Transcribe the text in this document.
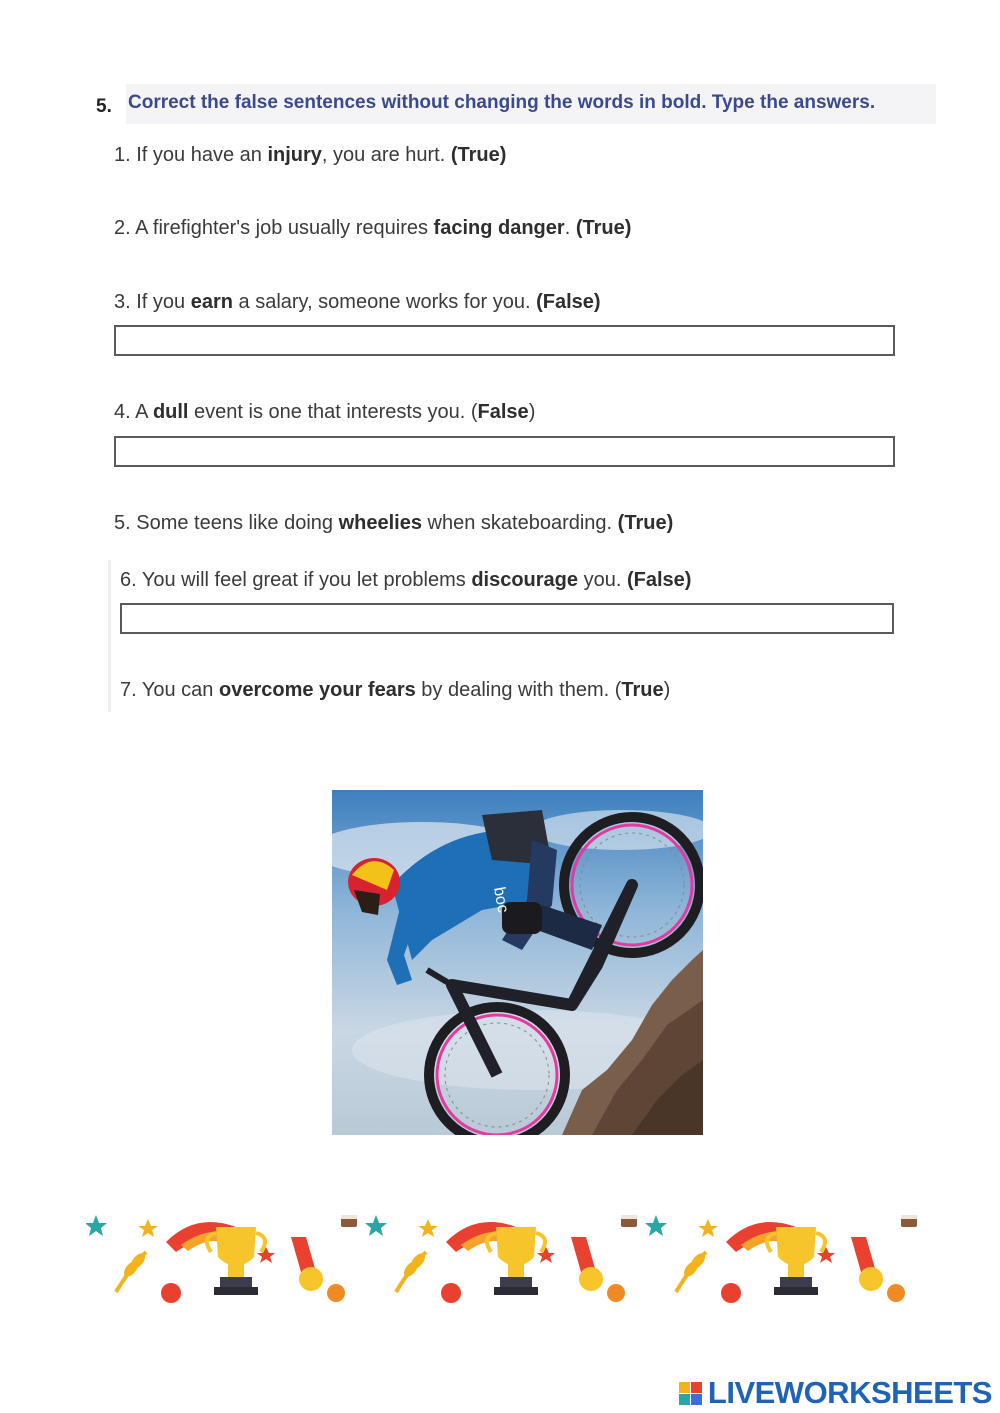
5. Correct the false sentences without changing the words in bold. Type the answers.
1. If you have an injury, you are hurt. (True)
2. A firefighter's job usually requires facing danger. (True)
3. If you earn a salary, someone works for you. (False)
4. A dull event is one that interests you. (False)
5. Some teens like doing wheelies when skateboarding. (True)
6. You will feel great if you let problems discourage you. (False)
7. You can overcome your fears by dealing with them. (True)
boc
LIVEWORKSHEETS
